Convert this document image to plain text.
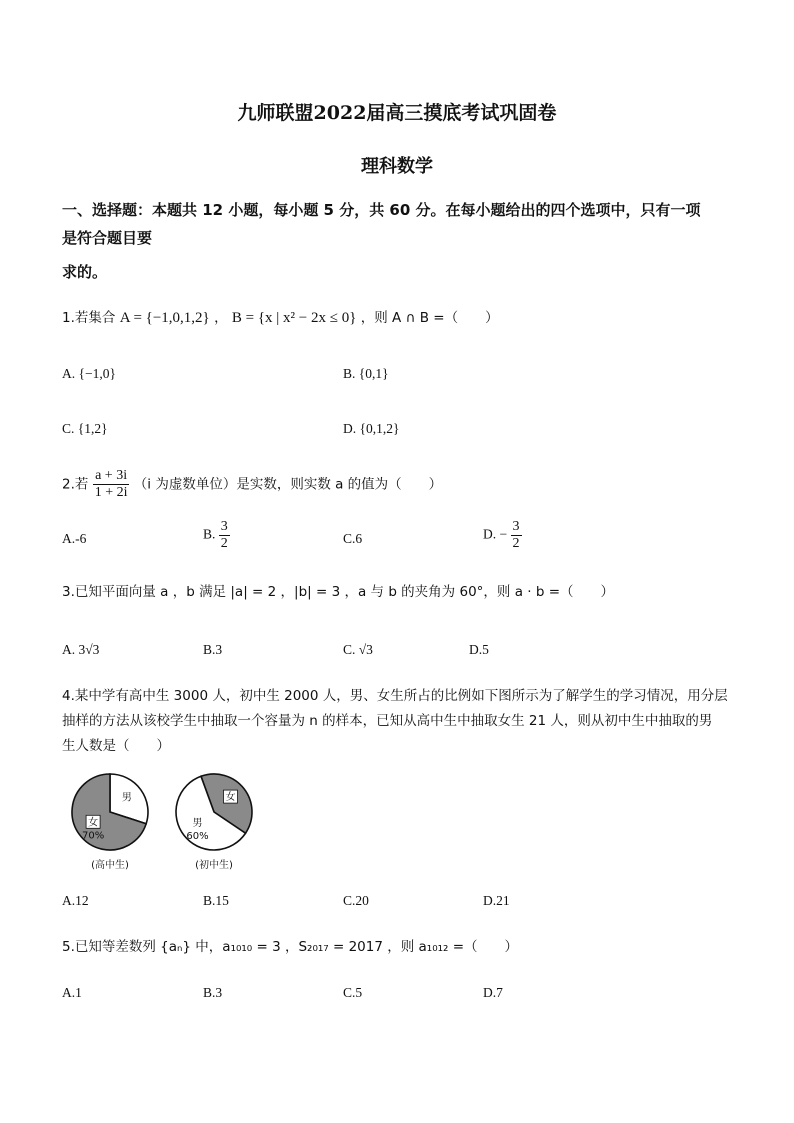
九师联盟2022届高三摸底考试巩固卷
理科数学
一、选择题：本题共 12 小题，每小题 5 分，共 60 分。在每小题给出的四个选项中，只有一项
是符合题目要
求的。
1.若集合 A = {−1,0,1,2} ， B = {x | x² − 2x ≤ 0} ，则 A ∩ B =（　　）
A. {−1,0}	B. {0,1}
C. {1,2}	D. {0,1,2}
2.若 $\frac{a + 3i}{1 + 2i} (i$ 为虚数单位）是实数，则实数 a 的值为（　　）
A.-6	B. $\frac{3}{2}$	C.6	D. − $\frac{3}{2}$
3.已知平面向量 a ，b 满足 |a| = 2 ，|b| = 3 ，a 与 b 的夹角为 60°，则 a · b =（　　）
A. 3√3	B.3	C. √3	D.5
4.某中学有高中生 3000 人，初中生 2000 人，男、女生所占的比例如下图所示为了解学生的学习情况，用分层
抽样的方法从该校学生中抽取一个容量为 n 的样本，已知从高中生中抽取女生 21 人，则从初中生中抽取的男
生人数是（　　）
男
女
70%
(高中生)
女
男
60%
(初中生)
A.12	B.15	C.20	D.21
5.已知等差数列 {aₙ} 中，a₁₀₁₀ = 3 ，S₂₀₁₇ = 2017 ，则 a₁₀₁₂ =（　　）
A.1	B.3	C.5	D.7
